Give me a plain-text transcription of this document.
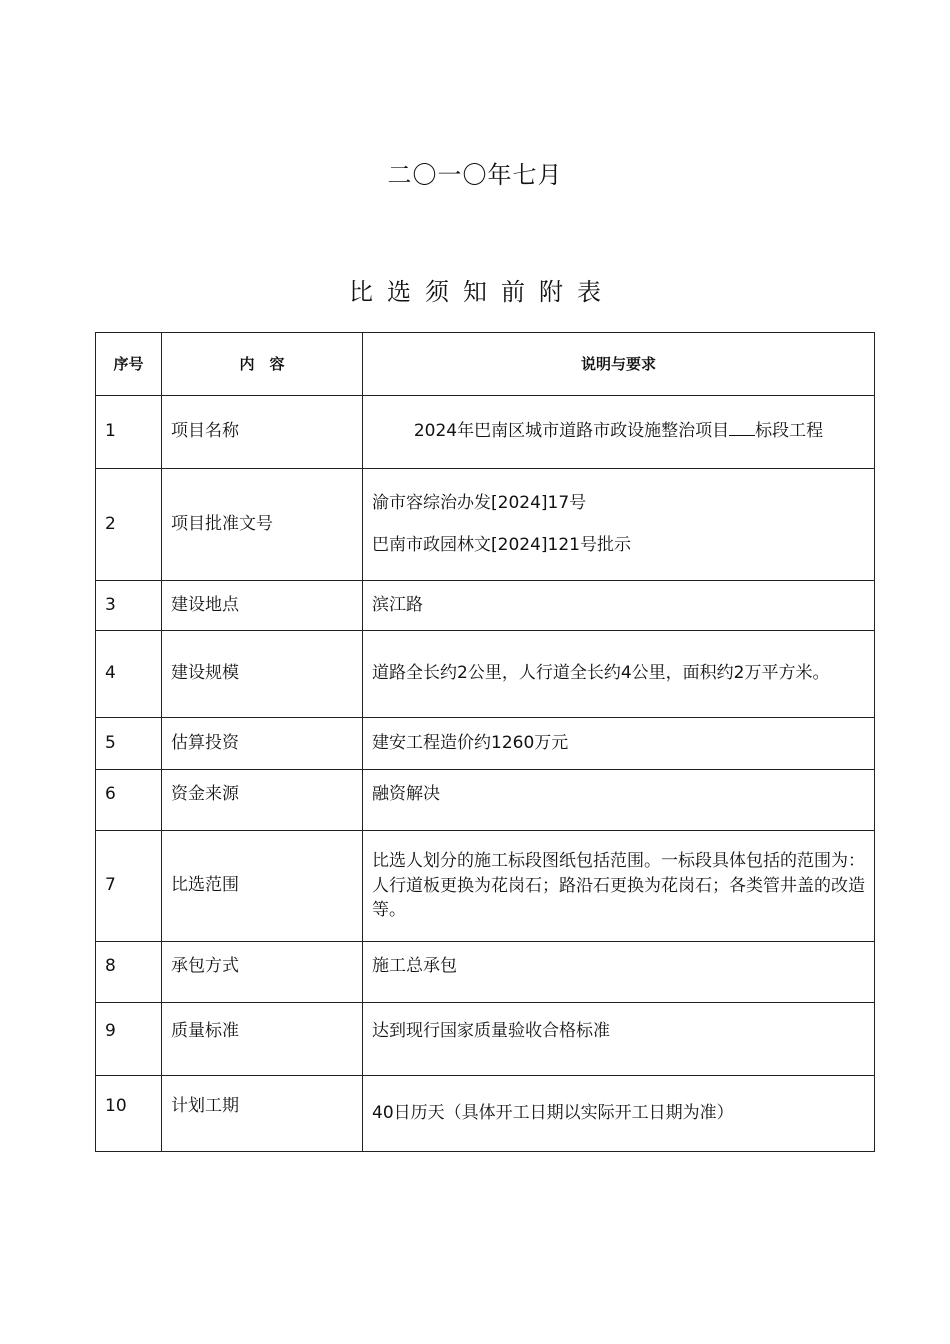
二〇一〇年七月
比选须知前附表
序号	内　容	说明与要求
1	项目名称	2024年巴南区城市道路市政设施整治项目 标段工程
2	项目批准文号	渝市容综治办发[2024]17号
巴南市政园林文[2024]121号批示

3	建设地点	滨江路
4	建设规模	道路全长约2公里，人行道全长约4公里，面积约2万平方米。
5	估算投资	建安工程造价约1260万元
6	资金来源	融资解决
7	比选范围	比选人划分的施工标段图纸包括范围。一标段具体包括的范围为：人行道板更换为花岗石；路沿石更换为花岗石；各类管井盖的改造等。
8	承包方式	施工总承包
9	质量标准	达到现行国家质量验收合格标准
10	计划工期	40日历天（具体开工日期以实际开工日期为准）
